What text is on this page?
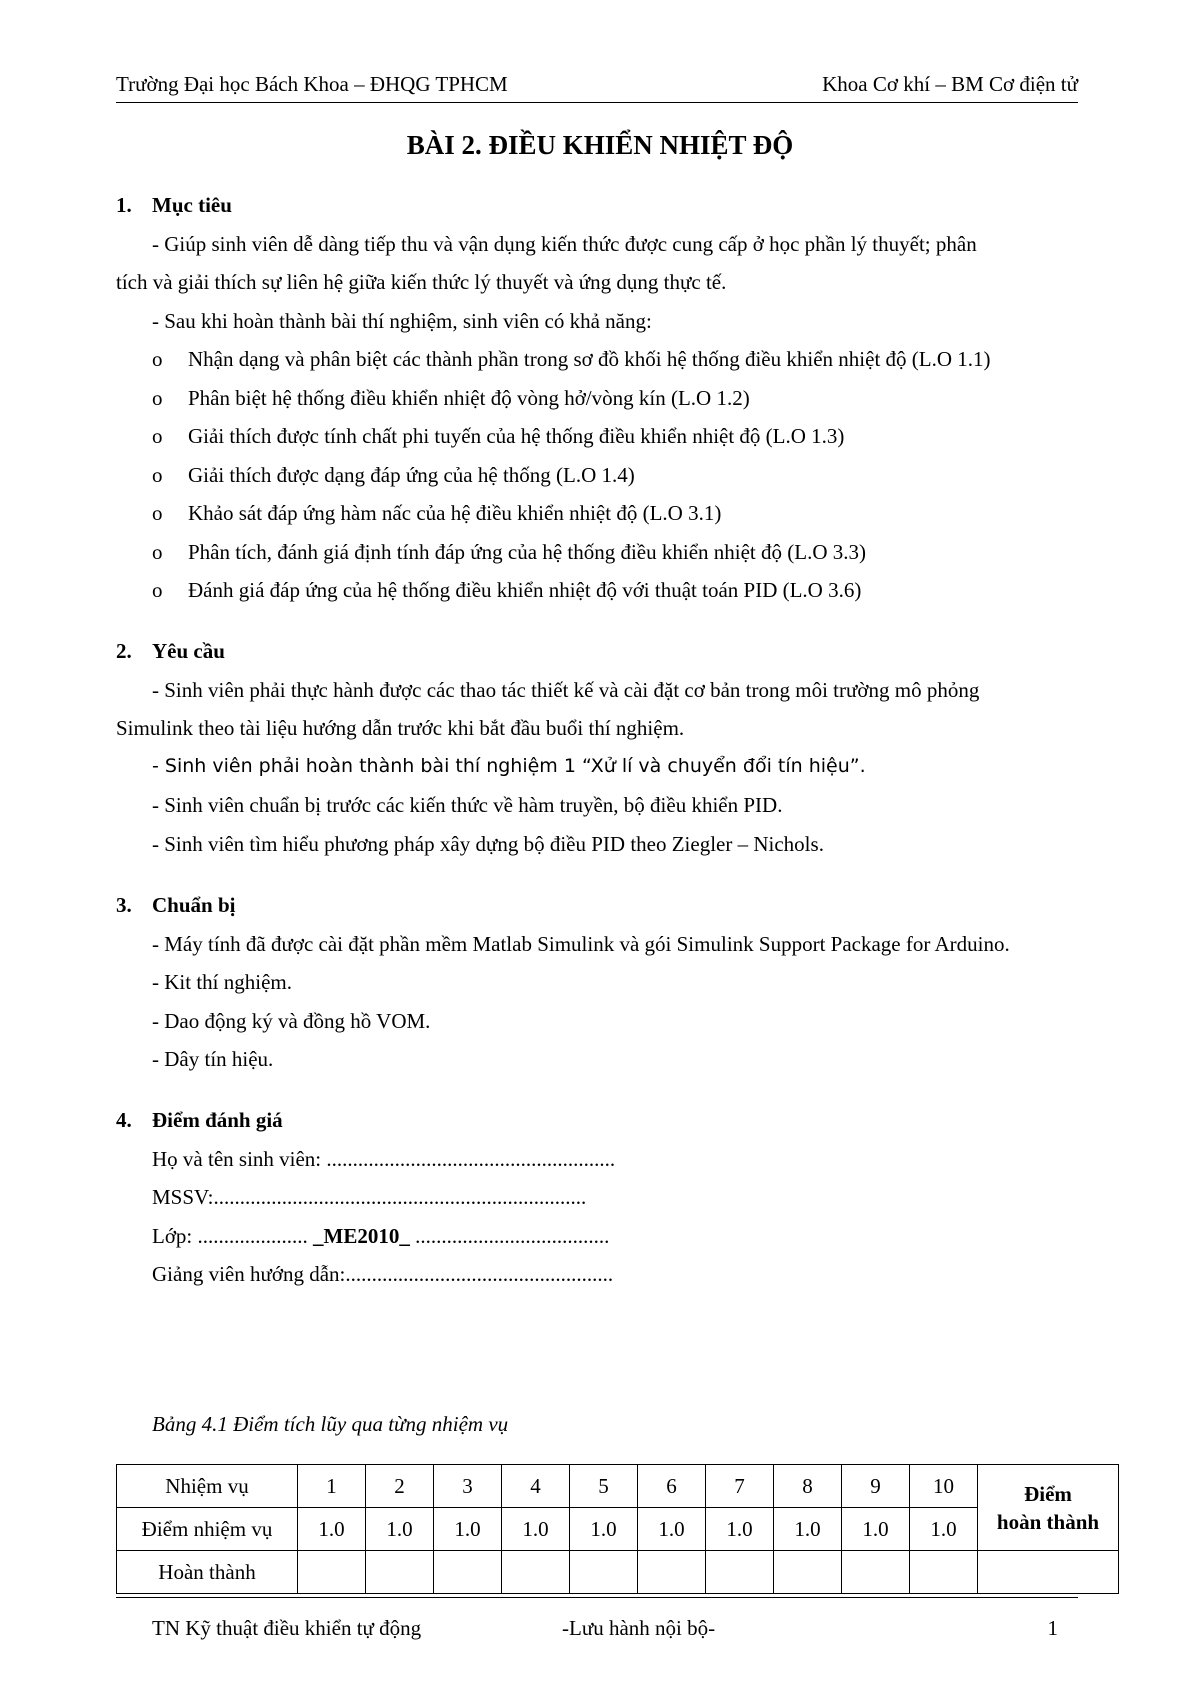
Trường Đại học Bách Khoa – ĐHQG TPHCM	Khoa Cơ khí – BM Cơ điện tử
BÀI 2. ĐIỀU KHIỂN NHIỆT ĐỘ
1. Mục tiêu
- Giúp sinh viên dễ dàng tiếp thu và vận dụng kiến thức được cung cấp ở học phần lý thuyết; phân
tích và giải thích sự liên hệ giữa kiến thức lý thuyết và ứng dụng thực tế.
- Sau khi hoàn thành bài thí nghiệm, sinh viên có khả năng:
o Nhận dạng và phân biệt các thành phần trong sơ đồ khối hệ thống điều khiển nhiệt độ (L.O 1.1)
o Phân biệt hệ thống điều khiển nhiệt độ vòng hở/vòng kín (L.O 1.2)
o Giải thích được tính chất phi tuyến của hệ thống điều khiển nhiệt độ (L.O 1.3)
o Giải thích được dạng đáp ứng của hệ thống (L.O 1.4)
o Khảo sát đáp ứng hàm nấc của hệ điều khiển nhiệt độ (L.O 3.1)
o Phân tích, đánh giá định tính đáp ứng của hệ thống điều khiển nhiệt độ (L.O 3.3)
o Đánh giá đáp ứng của hệ thống điều khiển nhiệt độ với thuật toán PID (L.O 3.6)
2. Yêu cầu
- Sinh viên phải thực hành được các thao tác thiết kế và cài đặt cơ bản trong môi trường mô phỏng
Simulink theo tài liệu hướng dẫn trước khi bắt đầu buổi thí nghiệm.
- Sinh viên phải hoàn thành bài thí nghiệm 1 “Xử lí và chuyển đổi tín hiệu”.
- Sinh viên chuẩn bị trước các kiến thức về hàm truyền, bộ điều khiển PID.
- Sinh viên tìm hiểu phương pháp xây dựng bộ điều PID theo Ziegler – Nichols.
3. Chuẩn bị
- Máy tính đã được cài đặt phần mềm Matlab Simulink và gói Simulink Support Package for Arduino.
- Kit thí nghiệm.
- Dao động ký và đồng hồ VOM.
- Dây tín hiệu.
4. Điểm đánh giá
Họ và tên sinh viên: .......................................................
MSSV:.......................................................................
Lớp: ..................... _ME2010_ .....................................
Giảng viên hướng dẫn:...................................................
Bảng 4.1 Điểm tích lũy qua từng nhiệm vụ
Nhiệm vụ	1	2	3	4	5	6	7	8	9	10	Điểm
hoàn thành
Điểm nhiệm vụ	1.0	1.0	1.0	1.0	1.0	1.0	1.0	1.0	1.0	1.0	
Hoàn thành											
TN Kỹ thuật điều khiển tự động	-Lưu hành nội bộ-	1
